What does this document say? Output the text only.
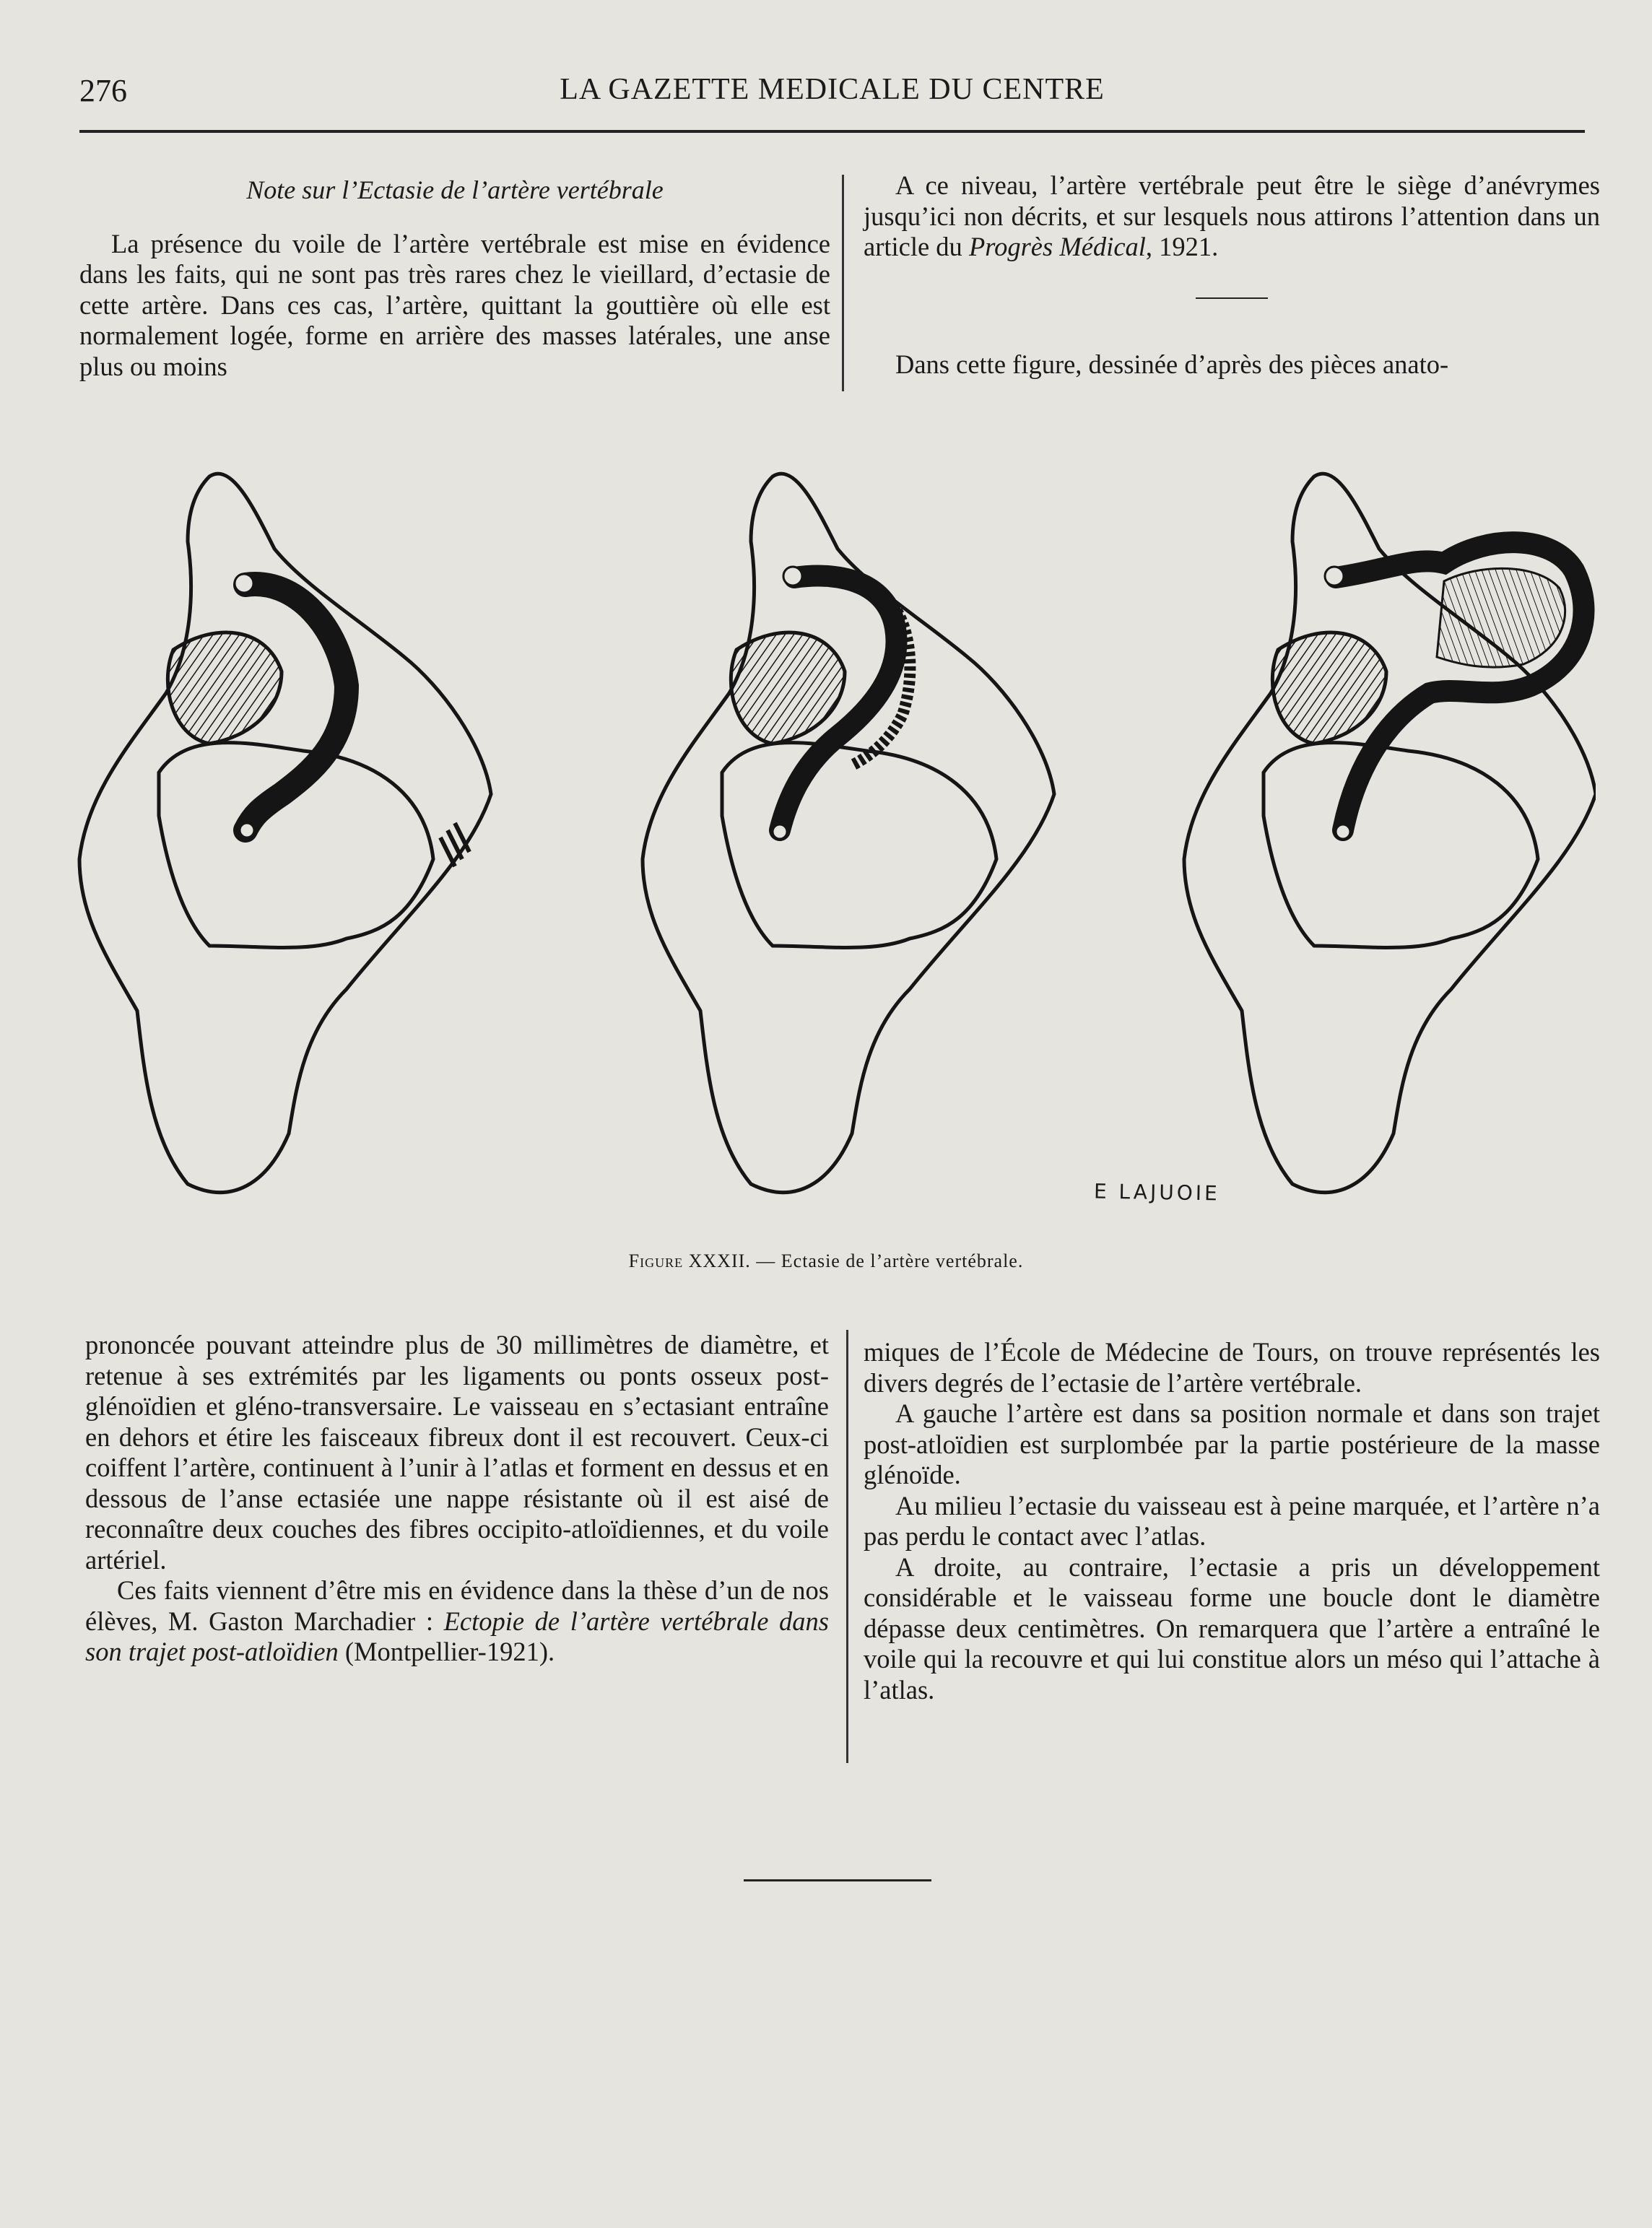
276	LA GAZETTE MEDICALE DU CENTRE
Note sur l’Ectasie de l’artère vertébrale

La présence du voile de l’artère vertébrale est mise en évidence dans les faits, qui ne sont pas très rares chez le vieillard, d’ectasie de cette artère. Dans ces cas, l’artère, quittant la gouttière où elle est normalement logée, forme en arrière des masses latérales, une anse plus ou moins

A ce niveau, l’artère vertébrale peut être le siège d’anévrymes jusqu’ici non décrits, et sur lesquels nous attirons l’attention dans un article du Progrès Médical, 1921.

Dans cette figure, dessinée d’après des pièces anato-

E LAJUOIE
Figure XXXII. — Ectasie de l’artère vertébrale.

prononcée pouvant atteindre plus de 30 millimètres de diamètre, et retenue à ses extrémités par les ligaments ou ponts osseux post-glénoïdien et gléno-transversaire. Le vaisseau en s’ectasiant entraîne en dehors et étire les faisceaux fibreux dont il est recouvert. Ceux-ci coiffent l’artère, continuent à l’unir à l’atlas et forment en dessus et en dessous de l’anse ectasiée une nappe résistante où il est aisé de reconnaître deux couches des fibres occipito-atloïdiennes, et du voile artériel.

Ces faits viennent d’être mis en évidence dans la thèse d’un de nos élèves, M. Gaston Marchadier : Ectopie de l’artère vertébrale dans son trajet post-atloïdien (Montpellier-1921).

miques de l’École de Médecine de Tours, on trouve représentés les divers degrés de l’ectasie de l’artère vertébrale.

A gauche l’artère est dans sa position normale et dans son trajet post-atloïdien est surplombée par la partie postérieure de la masse glénoïde.

Au milieu l’ectasie du vaisseau est à peine marquée, et l’artère n’a pas perdu le contact avec l’atlas.

A droite, au contraire, l’ectasie a pris un développement considérable et le vaisseau forme une boucle dont le diamètre dépasse deux centimètres. On remarquera que l’artère a entraîné le voile qui la recouvre et qui lui constitue alors un méso qui l’attache à l’atlas.
